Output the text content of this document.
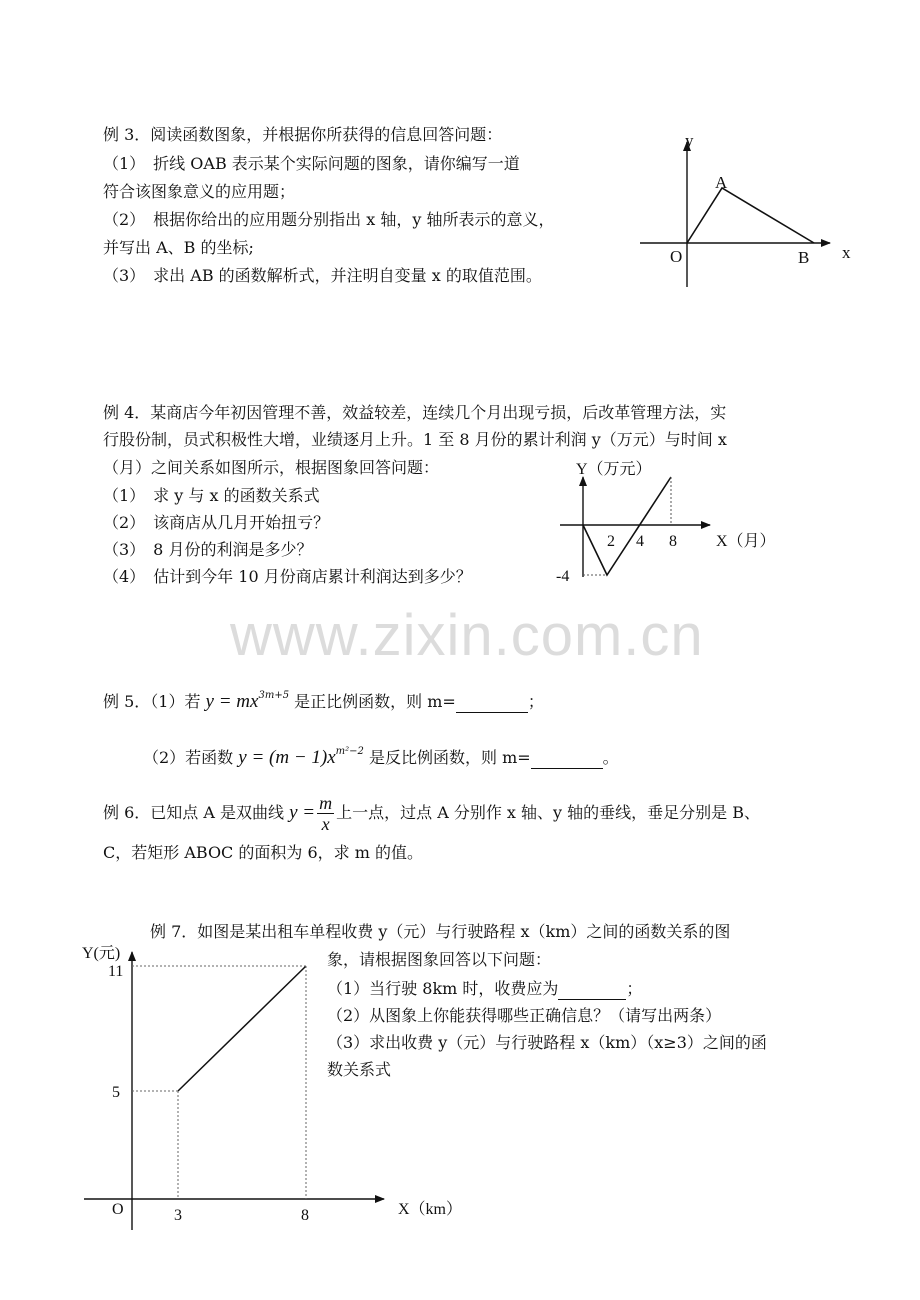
www.zixin.com.cn
例 3．阅读函数图象，并根据你所获得的信息回答问题：
（1）　折线 OAB 表示某个实际问题的图象，请你编写一道
符合该图象意义的应用题；
（2）　根据你给出的应用题分别指出 x 轴，y 轴所表示的意义，
并写出 A、B 的坐标;
（3）　求出 AB 的函数解析式，并注明自变量 x 的取值范围。
y
x
O
A
B
例 4．某商店今年初因管理不善，效益较差，连续几个月出现亏损，后改革管理方法，实
行股份制，员式积极性大增，业绩逐月上升。1 至 8 月份的累计利润 y（万元）与时间 x
（月）之间关系如图所示，根据图象回答问题：
（1）　求 y 与 x 的函数关系式
（2）　该商店从几月开始扭亏？
（3）　8 月份的利润是多少？
（4）　估计到今年 10 月份商店累计利润达到多少？
Y（万元）
2 4 8
-4
X（月）
例 5．（1）若 $y = mx^{3m+5}$ 是正比例函数，则 m=	；
（2）若函数 $y = (m - 1)x^{m^2-2}$ 是反比例函数，则 m=	。
例 6．已知点 A 是双曲线 $y = \frac{m}{x}$ 上一点，过点 A 分别作 x 轴、y 轴的垂线，垂足分别是 B、
C，若矩形 ABOC 的面积为 6，求 m 的值。
例 7．如图是某出租车单程收费 y（元）与行驶路程 x（km）之间的函数关系的图
象，请根据图象回答以下问题：
（1）当行驶 8km 时，收费应为	；
（2）从图象上你能获得哪些正确信息？（请写出两条）
（3）求出收费 y（元）与行驶路程 x（km）（x≥3）之间的函
数关系式
Y(元)
11
5
O	3	8	X（km）
